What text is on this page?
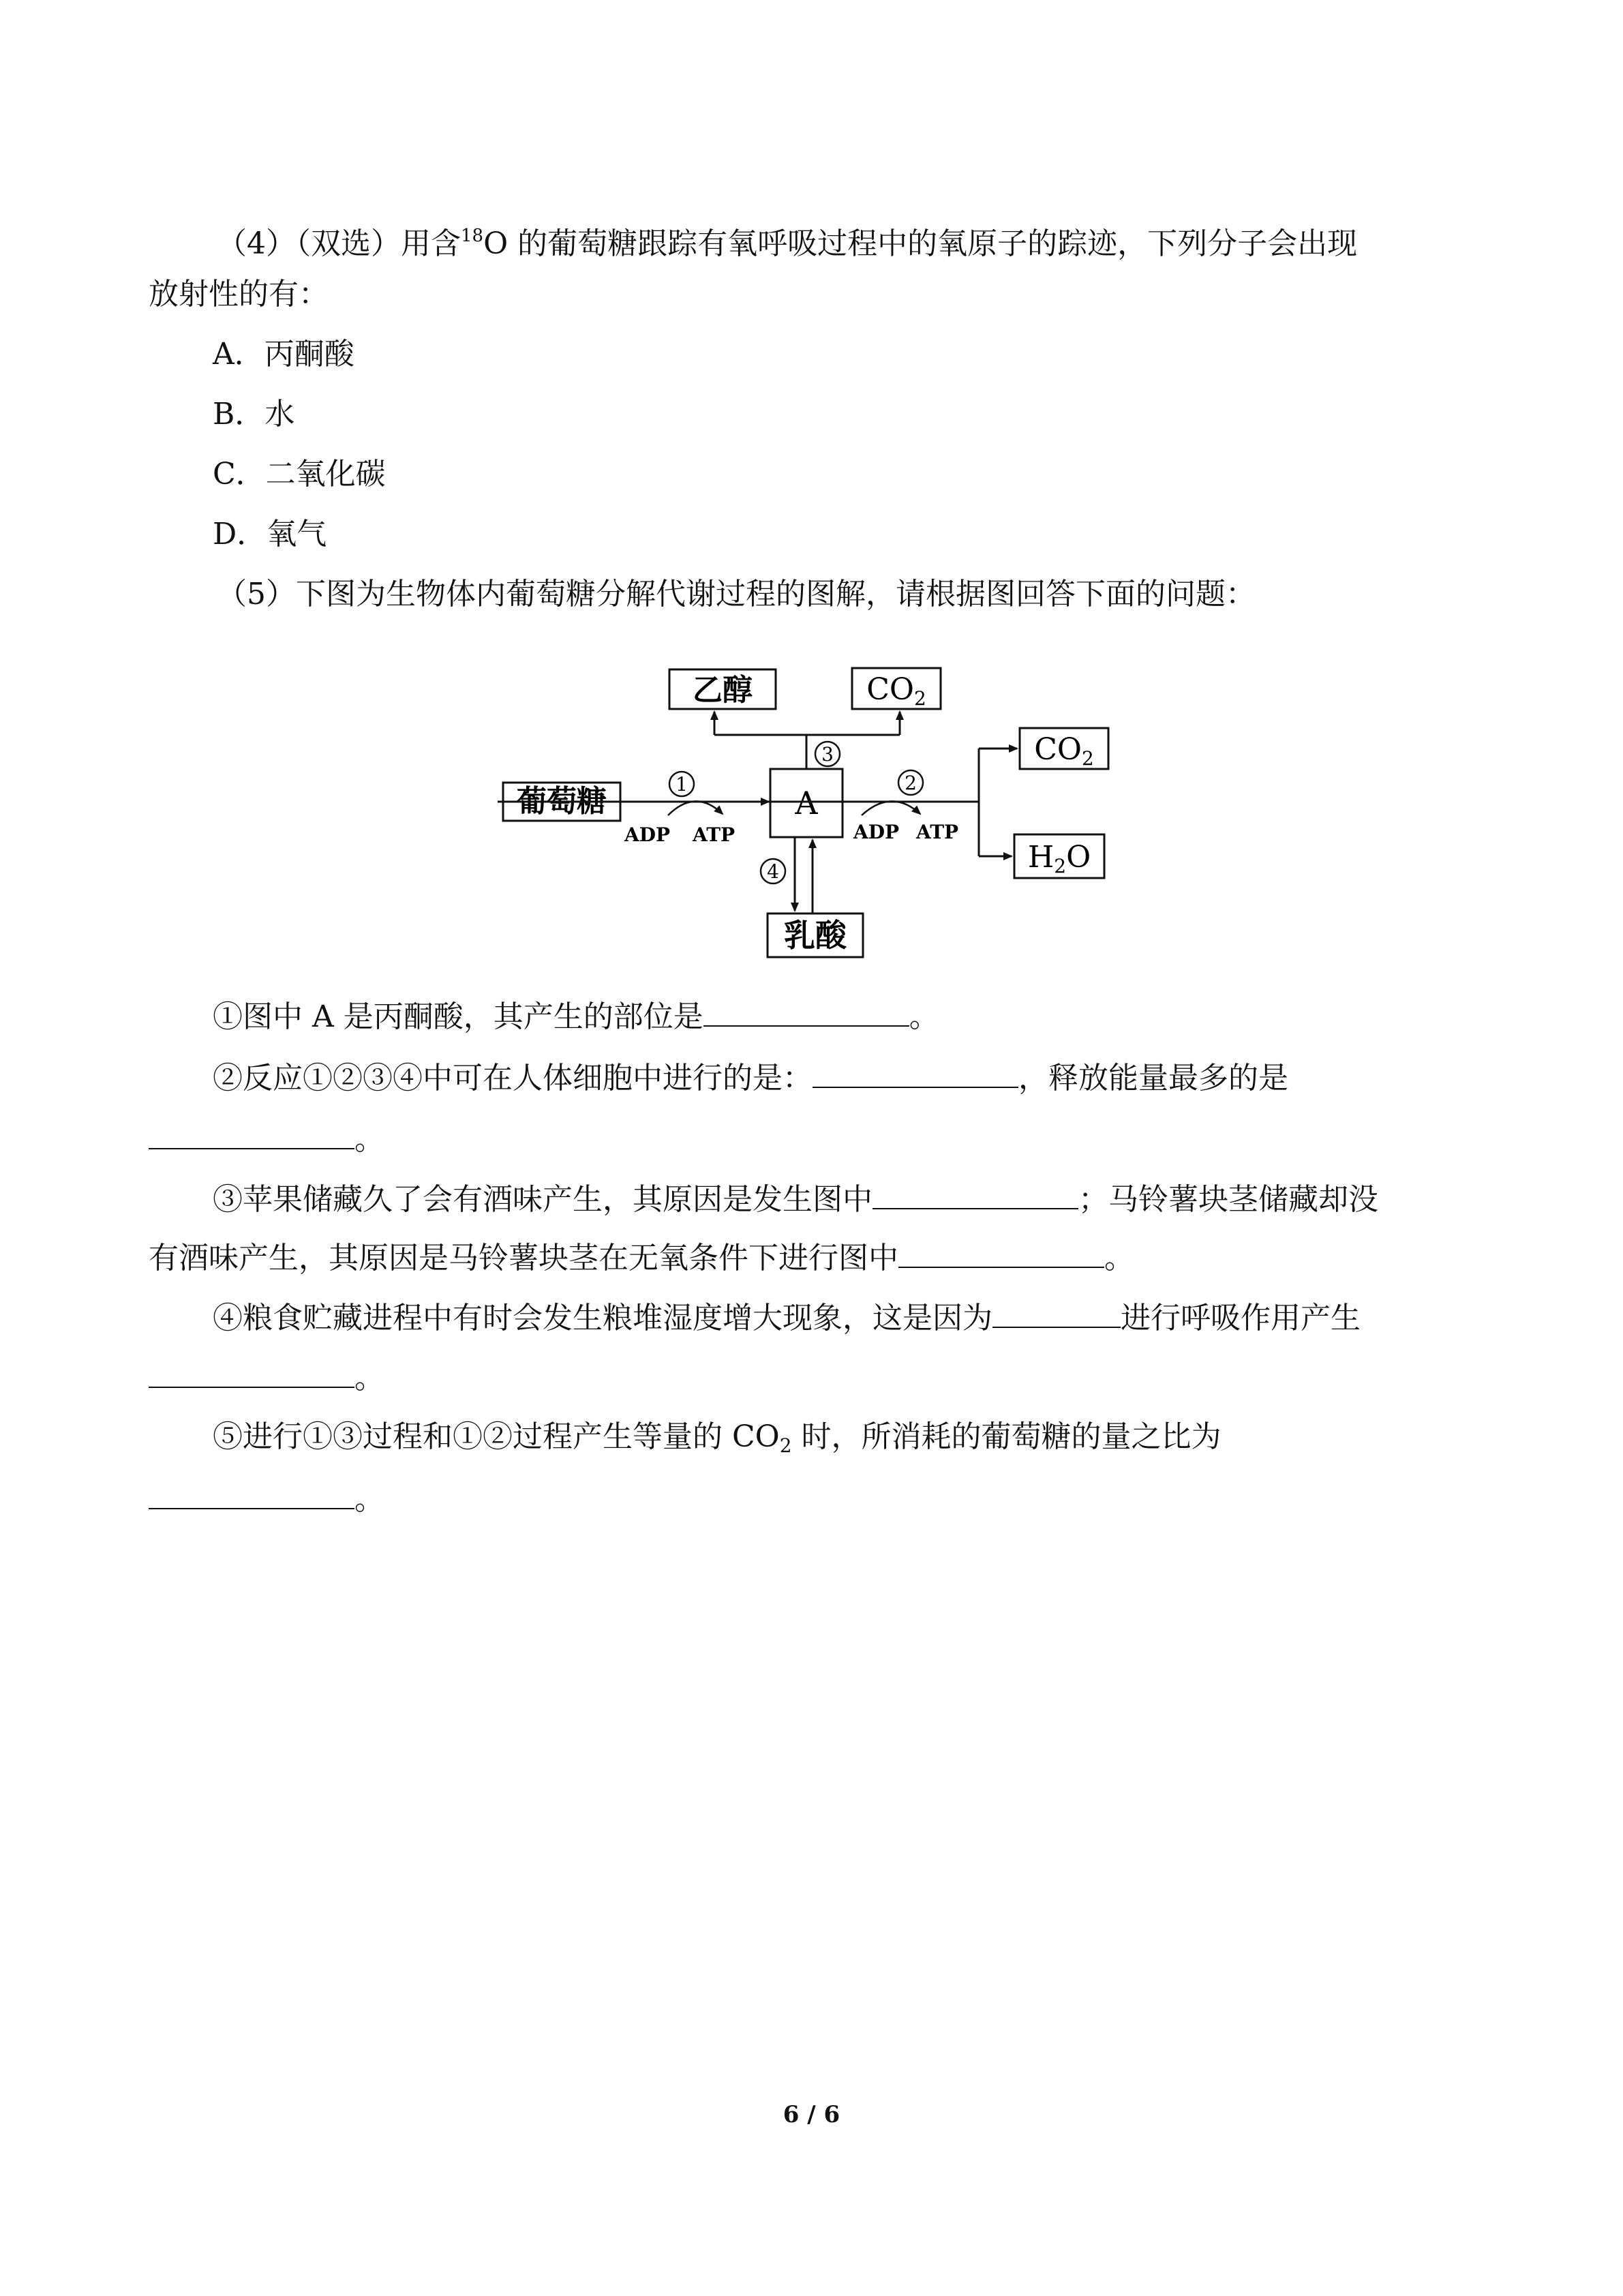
（4）（双选）用含$^{18}$O 的葡萄糖跟踪有氧呼吸过程中的氧原子的踪迹，下列分子会出现
放射性的有：
A．丙酮酸
B．水
C．二氧化碳
D．氧气
（5）下图为生物体内葡萄糖分解代谢过程的图解，请根据图回答下面的问题：
葡萄糖	A
乙醇	CO2
CO2
H2O
乳酸
ADP ATP
1
ADP ATP
2
3
4
①图中 A 是丙酮酸，其产生的部位是	。
②反应①②③④中可在人体细胞中进行的是：	，释放能量最多的是
。
③苹果储藏久了会有酒味产生，其原因是发生图中	；马铃薯块茎储藏却没
有酒味产生，其原因是马铃薯块茎在无氧条件下进行图中	。
④粮食贮藏进程中有时会发生粮堆湿度增大现象，这是因为	进行呼吸作用产生
。
⑤进行①③过程和①②过程产生等量的 $CO_2$ 时，所消耗的葡萄糖的量之比为
。
6 / 6
